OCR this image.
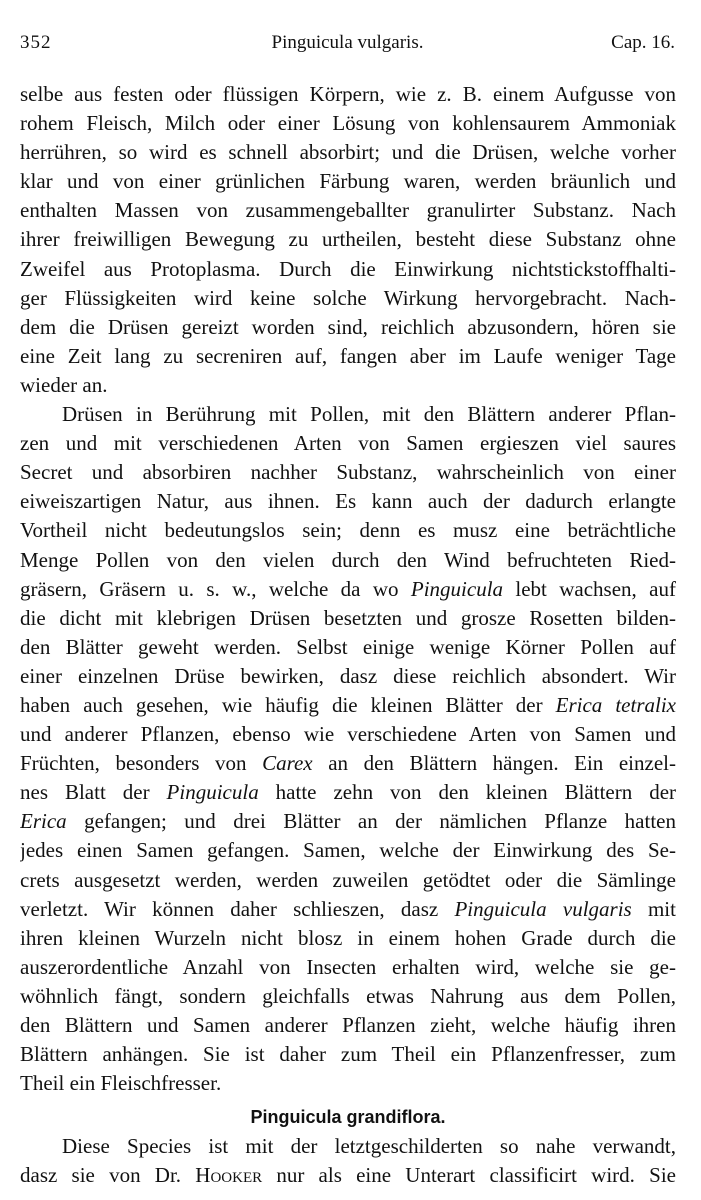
352	Pinguicula vulgaris.	Cap. 16.
selbe aus festen oder flüssigen Körpern, wie z. B. einem Aufgusse von
rohem Fleisch, Milch oder einer Lösung von kohlensaurem Ammoniak
herrühren, so wird es schnell absorbirt; und die Drüsen, welche vorher
klar und von einer grünlichen Färbung waren, werden bräunlich und
enthalten Massen von zusammengeballter granulirter Substanz. Nach
ihrer freiwilligen Bewegung zu urtheilen, besteht diese Substanz ohne
Zweifel aus Protoplasma. Durch die Einwirkung nichtstickstoffhalti-
ger Flüssigkeiten wird keine solche Wirkung hervorgebracht. Nach-
dem die Drüsen gereizt worden sind, reichlich abzusondern, hören sie
eine Zeit lang zu secreniren auf, fangen aber im Laufe weniger Tage
wieder an.
Drüsen in Berührung mit Pollen, mit den Blättern anderer Pflan-
zen und mit verschiedenen Arten von Samen ergieszen viel saures
Secret und absorbiren nachher Substanz, wahrscheinlich von einer
eiweiszartigen Natur, aus ihnen. Es kann auch der dadurch erlangte
Vortheil nicht bedeutungslos sein; denn es musz eine beträchtliche
Menge Pollen von den vielen durch den Wind befruchteten Ried-
gräsern, Gräsern u. s. w., welche da wo Pinguicula lebt wachsen, auf
die dicht mit klebrigen Drüsen besetzten und grosze Rosetten bilden-
den Blätter geweht werden. Selbst einige wenige Körner Pollen auf
einer einzelnen Drüse bewirken, dasz diese reichlich absondert. Wir
haben auch gesehen, wie häufig die kleinen Blätter der Erica tetralix
und anderer Pflanzen, ebenso wie verschiedene Arten von Samen und
Früchten, besonders von Carex an den Blättern hängen. Ein einzel-
nes Blatt der Pinguicula hatte zehn von den kleinen Blättern der
Erica gefangen; und drei Blätter an der nämlichen Pflanze hatten
jedes einen Samen gefangen. Samen, welche der Einwirkung des Se-
crets ausgesetzt werden, werden zuweilen getödtet oder die Sämlinge
verletzt. Wir können daher schlieszen, dasz Pinguicula vulgaris mit
ihren kleinen Wurzeln nicht blosz in einem hohen Grade durch die
auszerordentliche Anzahl von Insecten erhalten wird, welche sie ge-
wöhnlich fängt, sondern gleichfalls etwas Nahrung aus dem Pollen,
den Blättern und Samen anderer Pflanzen zieht, welche häufig ihren
Blättern anhängen. Sie ist daher zum Theil ein Pflanzenfresser, zum
Theil ein Fleischfresser.
Pinguicula grandiflora.
Diese Species ist mit der letztgeschilderten so nahe verwandt,
dasz sie von Dr. Hooker nur als eine Unterart classificirt wird. Sie
